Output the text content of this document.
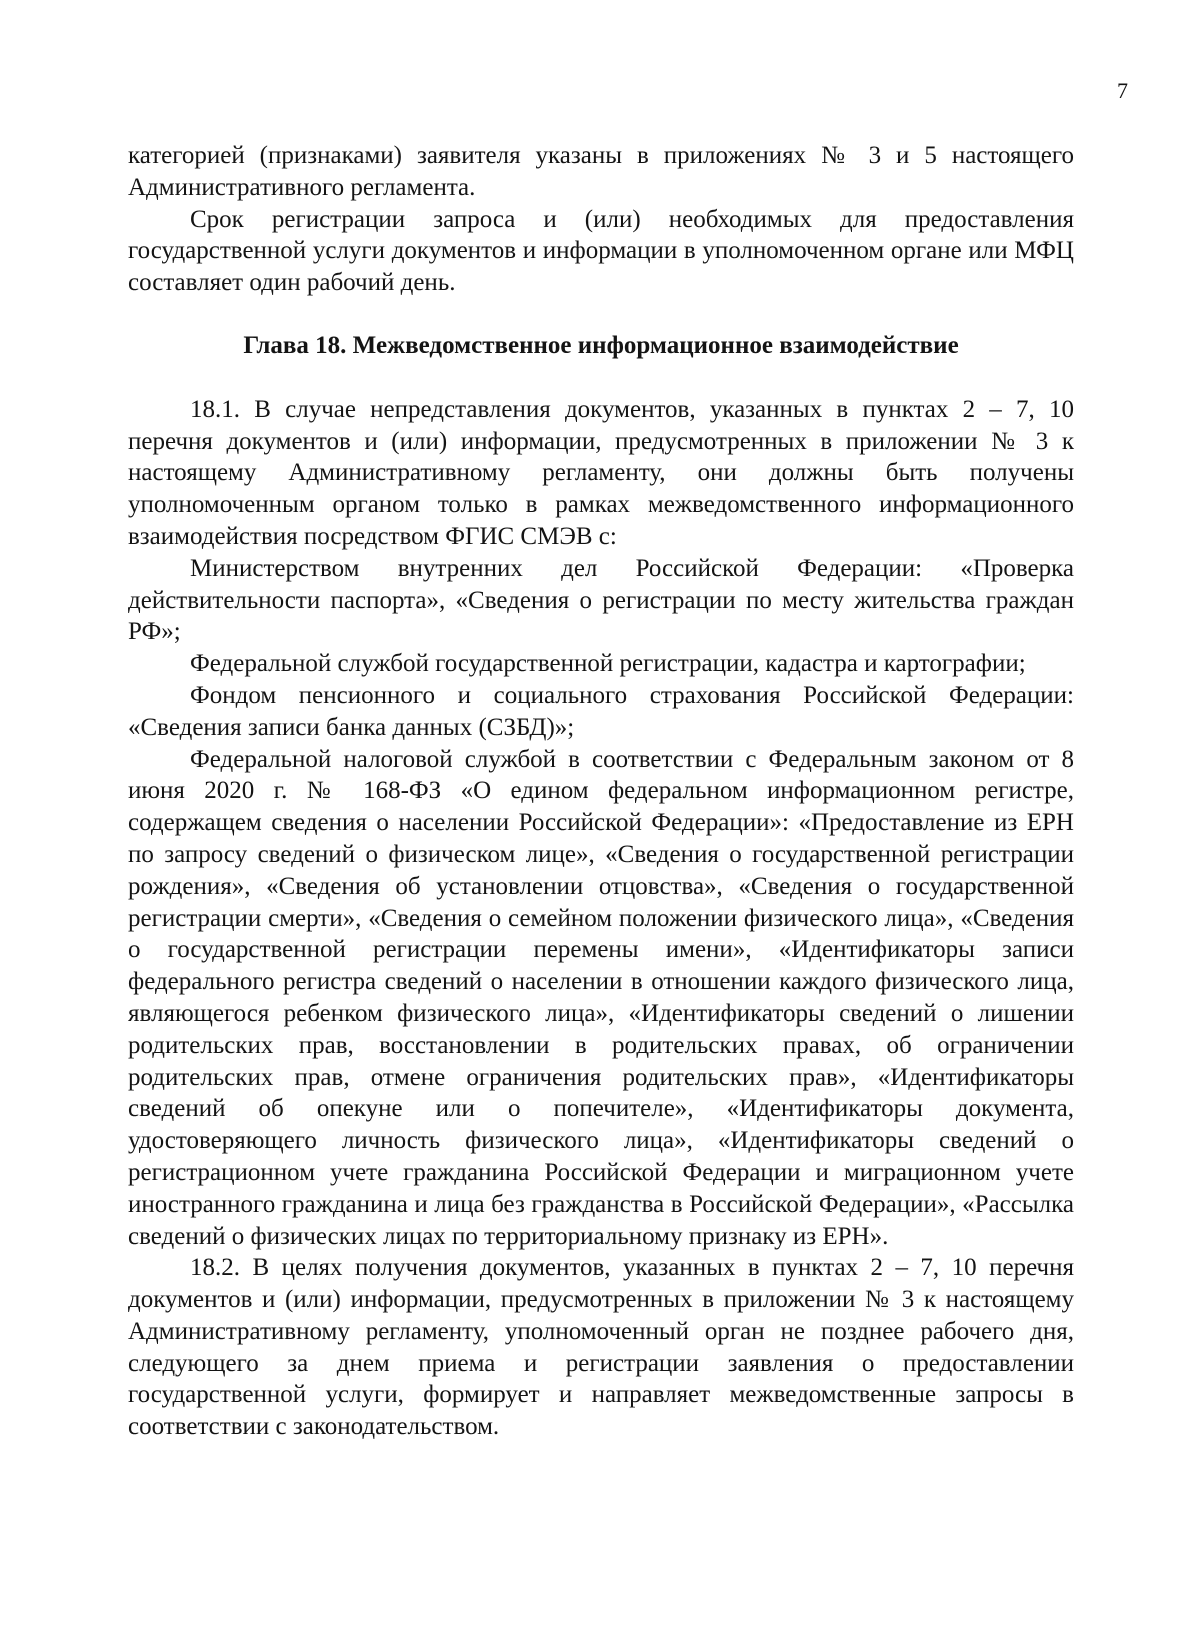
7

категорией (признаками) заявителя указаны в приложениях № 3 и 5 настоящего Административного регламента.

Срок регистрации запроса и (или) необходимых для предоставления государственной услуги документов и информации в уполномоченном органе или МФЦ составляет один рабочий день.

Глава 18. Межведомственное информационное взаимодействие

18.1. В случае непредставления документов, указанных в пунктах 2 – 7, 10 перечня документов и (или) информации, предусмотренных в приложении № 3 к настоящему Административному регламенту, они должны быть получены уполномоченным органом только в рамках межведомственного информационного взаимодействия посредством ФГИС СМЭВ с:

Министерством внутренних дел Российской Федерации: «Проверка действительности паспорта», «Сведения о регистрации по месту жительства граждан РФ»;

Федеральной службой государственной регистрации, кадастра и картографии;

Фондом пенсионного и социального страхования Российской Федерации: «Сведения записи банка данных (СЗБД)»;

Федеральной налоговой службой в соответствии с Федеральным законом от 8 июня 2020 г. № 168-ФЗ «О едином федеральном информационном регистре, содержащем сведения о населении Российской Федерации»: «Предоставление из ЕРН по запросу сведений о физическом лице», «Сведения о государственной регистрации рождения», «Сведения об установлении отцовства», «Сведения о государственной регистрации смерти», «Сведения о семейном положении физического лица», «Сведения о государственной регистрации перемены имени», «Идентификаторы записи федерального регистра сведений о населении в отношении каждого физического лица, являющегося ребенком физического лица», «Идентификаторы сведений о лишении родительских прав, восстановлении в родительских правах, об ограничении родительских прав, отмене ограничения родительских прав», «Идентификаторы сведений об опекуне или о попечителе», «Идентификаторы документа, удостоверяющего личность физического лица», «Идентификаторы сведений о регистрационном учете гражданина Российской Федерации и миграционном учете иностранного гражданина и лица без гражданства в Российской Федерации», «Рассылка сведений о физических лицах по территориальному признаку из ЕРН».

18.2. В целях получения документов, указанных в пунктах 2 – 7, 10 перечня документов и (или) информации, предусмотренных в приложении № 3 к настоящему Административному регламенту, уполномоченный орган не позднее рабочего дня, следующего за днем приема и регистрации заявления о предоставлении государственной услуги, формирует и направляет межведомственные запросы в соответствии с законодательством.
